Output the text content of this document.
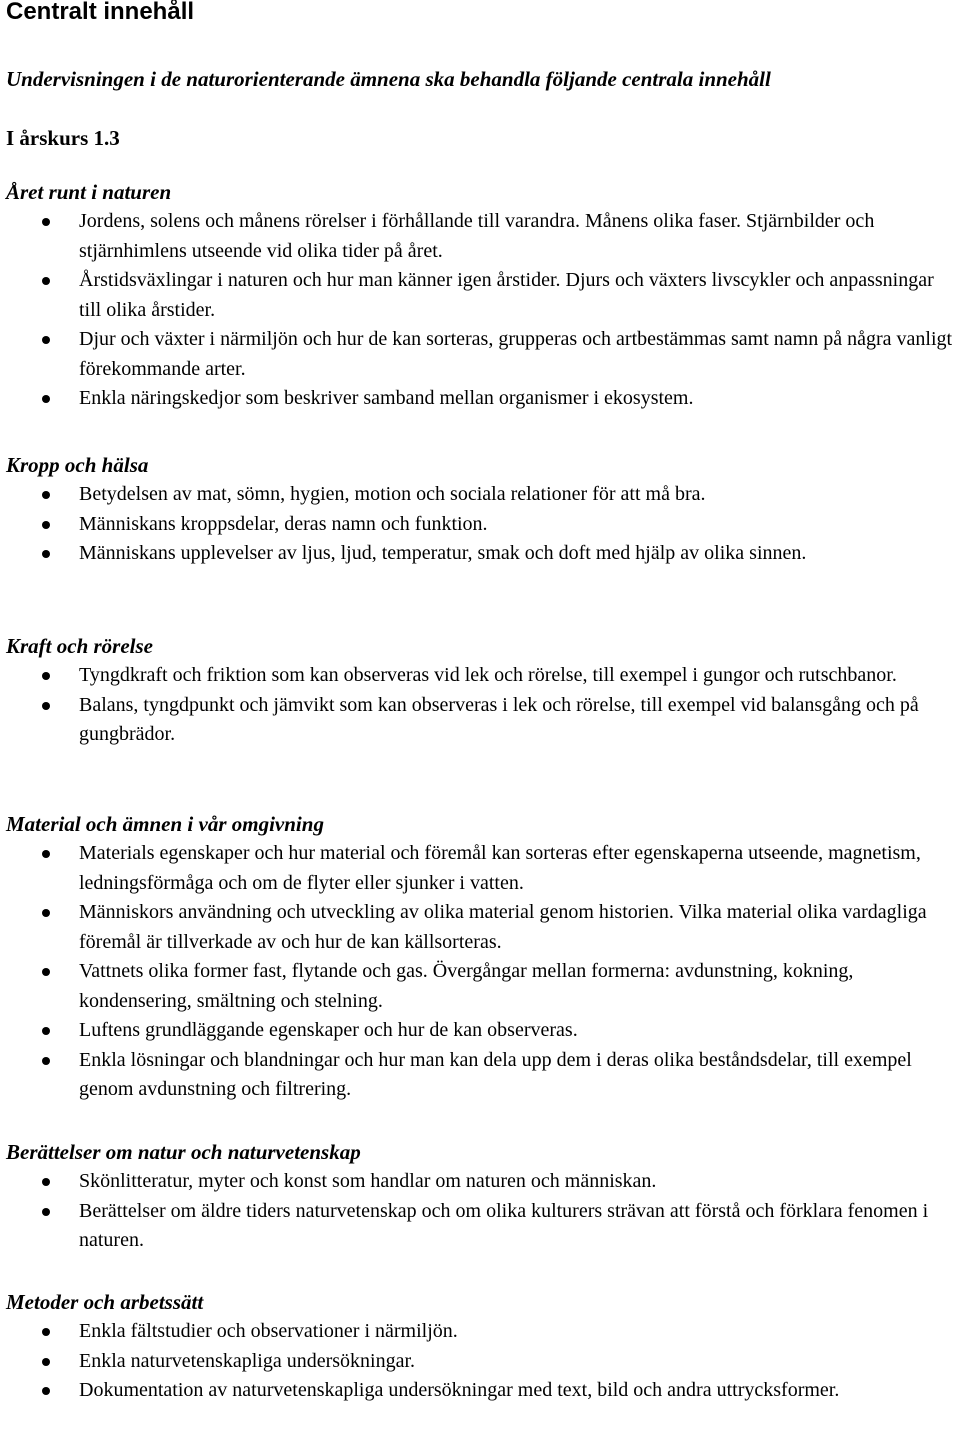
Centralt innehåll

Undervisningen i de naturorienterande ämnena ska behandla följande centrala innehåll

I årskurs 1.3

Året runt i naturen
Jordens, solens och månens rörelser i förhållande till varandra. Månens olika faser. Stjärnbilder och stjärnhimlens utseende vid olika tider på året.
Årstidsväxlingar i naturen och hur man känner igen årstider. Djurs och växters livscykler och anpassningar till olika årstider.
Djur och växter i närmiljön och hur de kan sorteras, grupperas och artbestämmas samt namn på några vanligt förekommande arter.
Enkla näringskedjor som beskriver samband mellan organismer i ekosystem.
Kropp och hälsa
Betydelsen av mat, sömn, hygien, motion och sociala relationer för att må bra.
Människans kroppsdelar, deras namn och funktion.
Människans upplevelser av ljus, ljud, temperatur, smak och doft med hjälp av olika sinnen.
Kraft och rörelse
Tyngdkraft och friktion som kan observeras vid lek och rörelse, till exempel i gungor och rutschbanor.
Balans, tyngdpunkt och jämvikt som kan observeras i lek och rörelse, till exempel vid balansgång och på gungbrädor.
Material och ämnen i vår omgivning
Materials egenskaper och hur material och föremål kan sorteras efter egenskaperna utseende, magnetism, ledningsförmåga och om de flyter eller sjunker i vatten.
Människors användning och utveckling av olika material genom historien. Vilka material olika vardagliga föremål är tillverkade av och hur de kan källsorteras.
Vattnets olika former fast, flytande och gas. Övergångar mellan formerna: avdunstning, kokning, kondensering, smältning och stelning.
Luftens grundläggande egenskaper och hur de kan observeras.
Enkla lösningar och blandningar och hur man kan dela upp dem i deras olika beståndsdelar, till exempel genom avdunstning och filtrering.
Berättelser om natur och naturvetenskap
Skönlitteratur, myter och konst som handlar om naturen och människan.
Berättelser om äldre tiders naturvetenskap och om olika kulturers strävan att förstå och förklara fenomen i naturen.
Metoder och arbetssätt
Enkla fältstudier och observationer i närmiljön.
Enkla naturvetenskapliga undersökningar.
Dokumentation av naturvetenskapliga undersökningar med text, bild och andra uttrycksformer.
